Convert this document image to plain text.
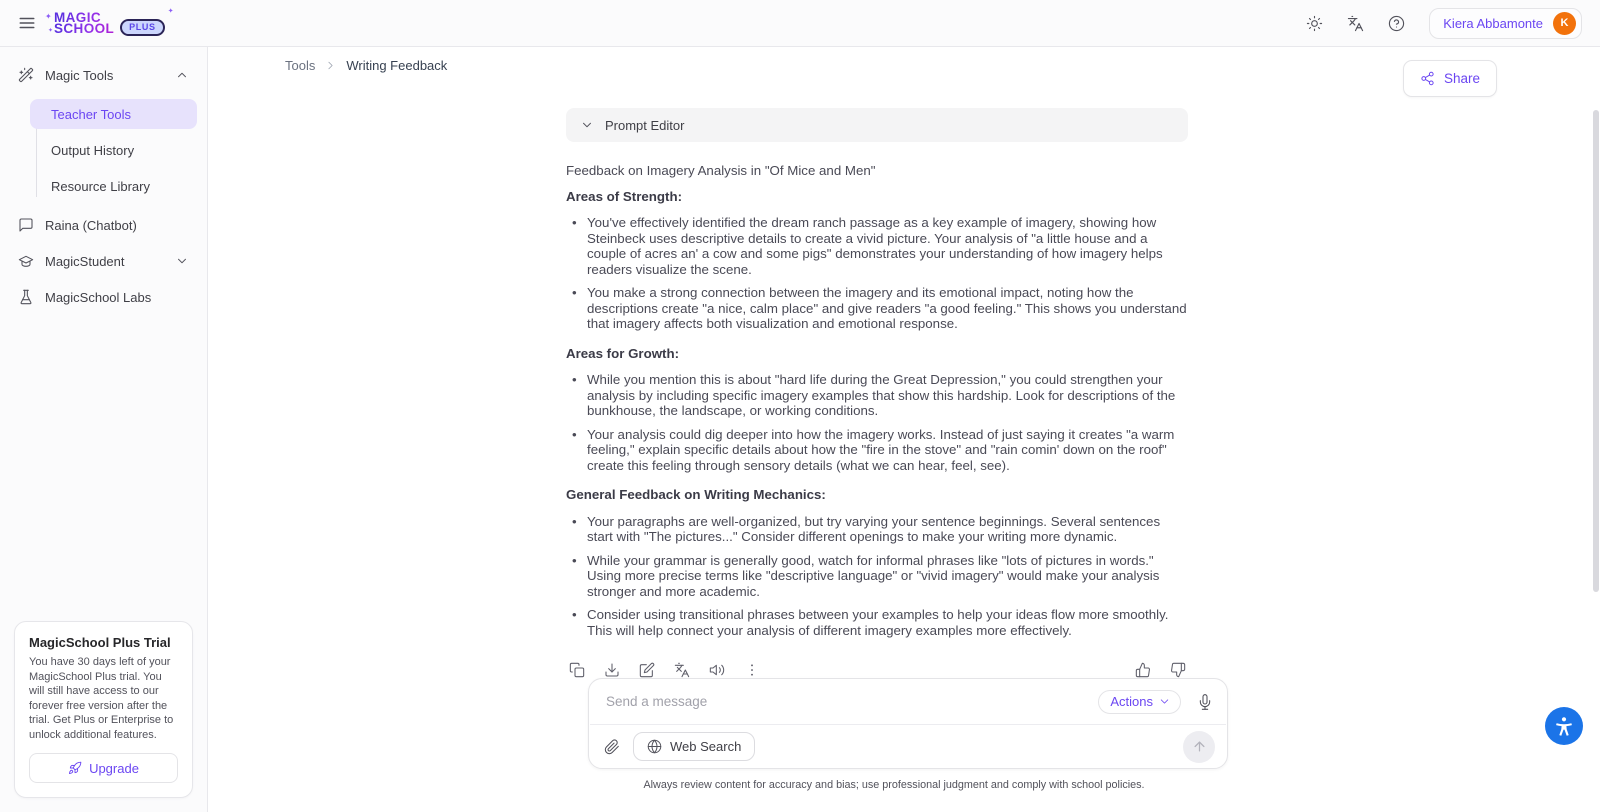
✦
✦
MAGIC
SCHOOL	PLUS
✦
Kiera Abbamonte	K
Magic Tools
Teacher Tools
Output History
Resource Library
Raina (Chatbot)
MagicStudent
MagicSchool Labs
MagicSchool Plus Trial
You have 30 days left of your MagicSchool Plus trial. You will still have access to our forever free version after the trial. Get Plus or Enterprise to unlock additional features.
Upgrade
Tools Writing Feedback
Share
Prompt Editor

Feedback on Imagery Analysis in "Of Mice and Men"

Areas of Strength:
• You've effectively identified the dream ranch passage as a key example of imagery, showing how Steinbeck uses descriptive details to create a vivid picture. Your analysis of "a little house and a couple of acres an' a cow and some pigs" demonstrates your understanding of how imagery helps readers visualize the scene.
• You make a strong connection between the imagery and its emotional impact, noting how the descriptions create "a nice, calm place" and give readers "a good feeling." This shows you understand that imagery affects both visualization and emotional response.
Areas for Growth:
• While you mention this is about "hard life during the Great Depression," you could strengthen your analysis by including specific imagery examples that show this hardship. Look for descriptions of the bunkhouse, the landscape, or working conditions.
• Your analysis could dig deeper into how the imagery works. Instead of just saying it creates "a warm feeling," explain specific details about how the "fire in the stove" and "rain comin' down on the roof" create this feeling through sensory details (what we can hear, feel, see).
General Feedback on Writing Mechanics:
• Your paragraphs are well-organized, but try varying your sentence beginnings. Several sentences start with "The pictures..." Consider different openings to make your writing more dynamic.
• While your grammar is generally good, watch for informal phrases like "lots of pictures in words." Using more precise terms like "descriptive language" or "vivid imagery" would make your analysis stronger and more academic.
• Consider using transitional phrases between your examples to help your ideas flow more smoothly. This will help connect your analysis of different imagery examples more effectively.
Send a message
Actions
Web Search
Always review content for accuracy and bias; use professional judgment and comply with school policies.
